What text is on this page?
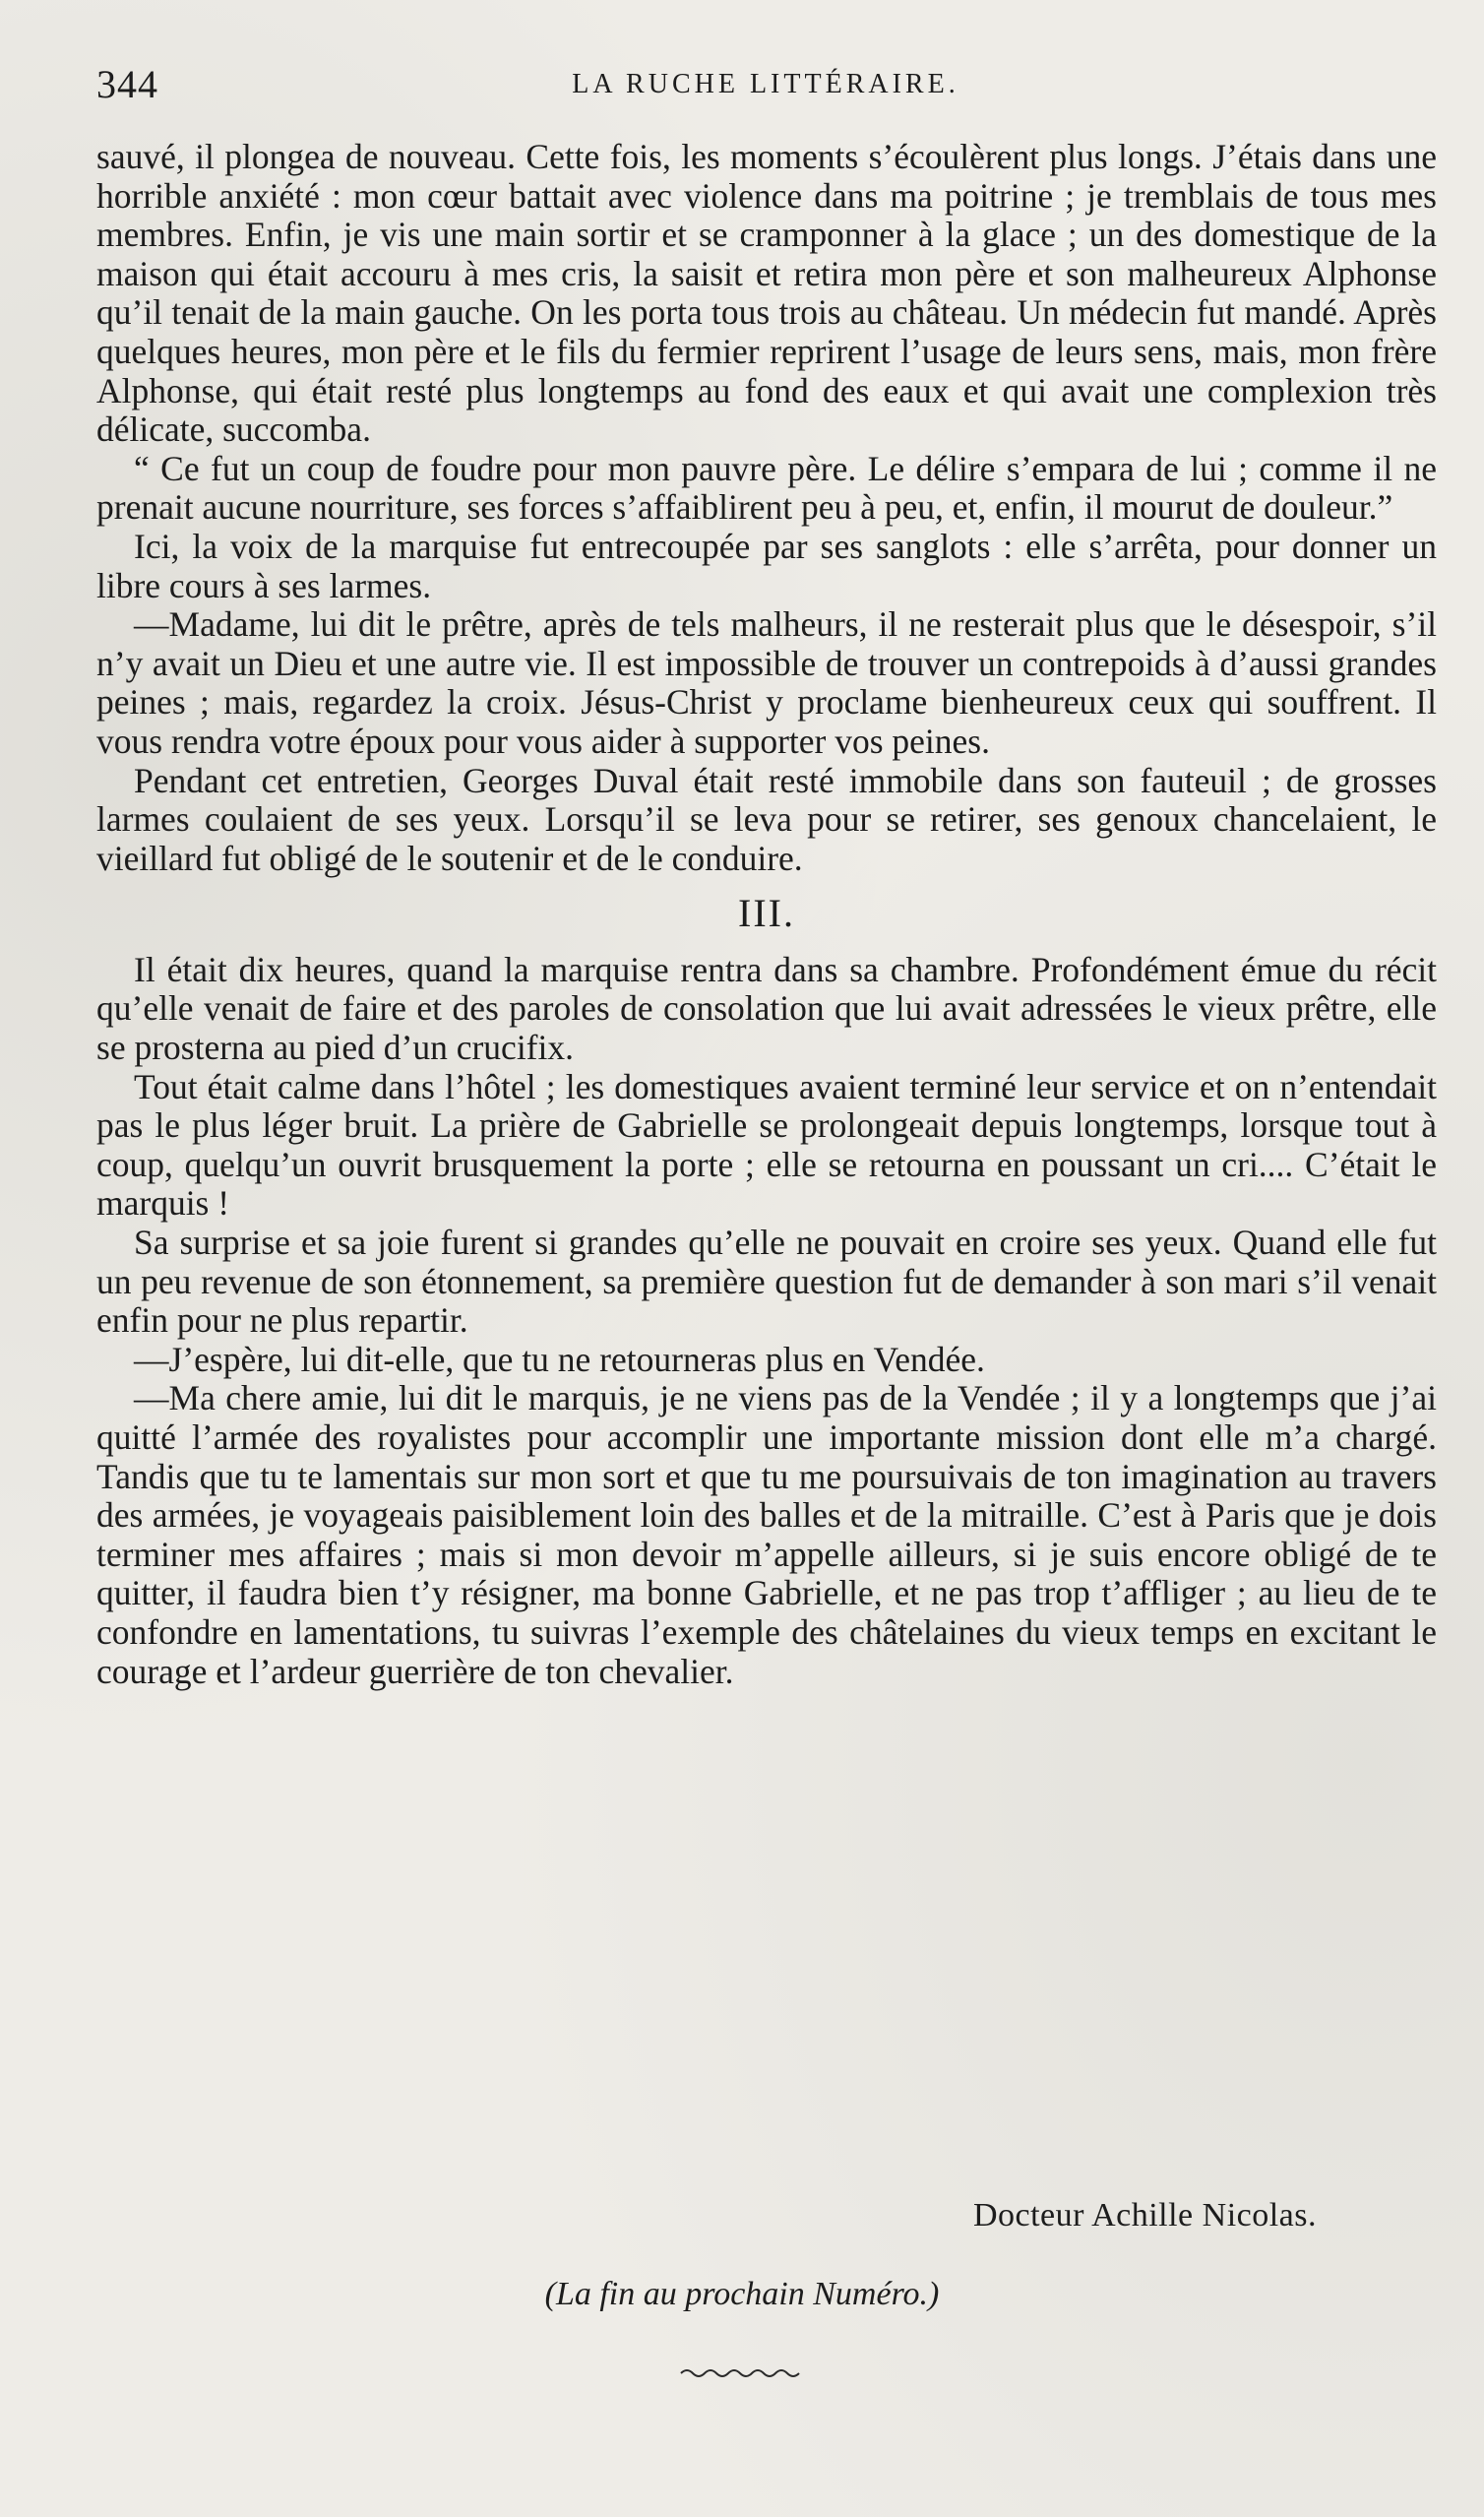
344	LA RUCHE LITTÉRAIRE.

sauvé, il plongea de nouveau. Cette fois, les moments s’écoulèrent plus longs. J’étais dans une horrible anxiété : mon cœur battait avec violence dans ma poitrine ; je tremblais de tous mes membres. Enfin, je vis une main sortir et se cramponner à la glace ; un des domestique de la maison qui était accouru à mes cris, la saisit et retira mon père et son malheureux Alphonse qu’il tenait de la main gauche. On les porta tous trois au château. Un médecin fut mandé. Après quelques heures, mon père et le fils du fermier reprirent l’usage de leurs sens, mais, mon frère Alphonse, qui était resté plus longtemps au fond des eaux et qui avait une complexion très délicate, succomba.

“ Ce fut un coup de foudre pour mon pauvre père. Le délire s’empara de lui ; comme il ne prenait aucune nourriture, ses forces s’affaiblirent peu à peu, et, enfin, il mourut de douleur.”

Ici, la voix de la marquise fut entrecoupée par ses sanglots : elle s’arrêta, pour donner un libre cours à ses larmes.

—Madame, lui dit le prêtre, après de tels malheurs, il ne resterait plus que le désespoir, s’il n’y avait un Dieu et une autre vie. Il est impossible de trouver un contrepoids à d’aussi grandes peines ; mais, regardez la croix. Jésus-Christ y proclame bienheureux ceux qui souffrent. Il vous rendra votre époux pour vous aider à supporter vos peines.

Pendant cet entretien, Georges Duval était resté immobile dans son fauteuil ; de grosses larmes coulaient de ses yeux. Lorsqu’il se leva pour se retirer, ses genoux chancelaient, le vieillard fut obligé de le soutenir et de le conduire.

III.

Il était dix heures, quand la marquise rentra dans sa chambre. Profondément émue du récit qu’elle venait de faire et des paroles de consolation que lui avait adressées le vieux prêtre, elle se prosterna au pied d’un crucifix.

Tout était calme dans l’hôtel ; les domestiques avaient terminé leur service et on n’entendait pas le plus léger bruit. La prière de Gabrielle se prolongeait depuis longtemps, lorsque tout à coup, quelqu’un ouvrit brusquement la porte ; elle se retourna en poussant un cri.... C’était le marquis !

Sa surprise et sa joie furent si grandes qu’elle ne pouvait en croire ses yeux. Quand elle fut un peu revenue de son étonnement, sa première question fut de demander à son mari s’il venait enfin pour ne plus repartir.

—J’espère, lui dit-elle, que tu ne retourneras plus en Vendée.

—Ma chere amie, lui dit le marquis, je ne viens pas de la Vendée ; il y a longtemps que j’ai quitté l’armée des royalistes pour accomplir une importante mission dont elle m’a chargé. Tandis que tu te lamentais sur mon sort et que tu me poursuivais de ton imagination au travers des armées, je voyageais paisiblement loin des balles et de la mitraille. C’est à Paris que je dois terminer mes affaires ; mais si mon devoir m’appelle ailleurs, si je suis encore obligé de te quitter, il faudra bien t’y résigner, ma bonne Gabrielle, et ne pas trop t’affliger ; au lieu de te confondre en lamentations, tu suivras l’exemple des châtelaines du vieux temps en excitant le courage et l’ardeur guerrière de ton chevalier.

Docteur Achille Nicolas.
(La fin au prochain Numéro.)
